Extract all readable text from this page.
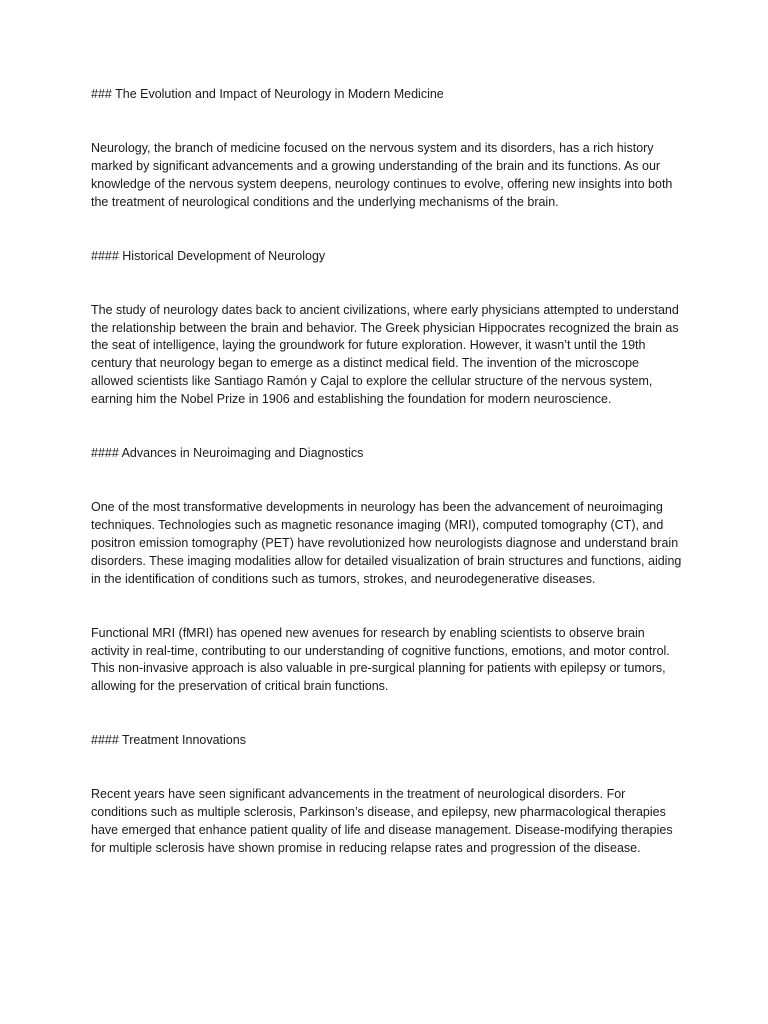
### The Evolution and Impact of Neurology in Modern Medicine

Neurology, the branch of medicine focused on the nervous system and its disorders, has a rich history marked by significant advancements and a growing understanding of the brain and its functions. As our knowledge of the nervous system deepens, neurology continues to evolve, offering new insights into both the treatment of neurological conditions and the underlying mechanisms of the brain.

#### Historical Development of Neurology

The study of neurology dates back to ancient civilizations, where early physicians attempted to understand the relationship between the brain and behavior. The Greek physician Hippocrates recognized the brain as the seat of intelligence, laying the groundwork for future exploration. However, it wasn’t until the 19th century that neurology began to emerge as a distinct medical field. The invention of the microscope allowed scientists like Santiago Ramón y Cajal to explore the cellular structure of the nervous system, earning him the Nobel Prize in 1906 and establishing the foundation for modern neuroscience.

#### Advances in Neuroimaging and Diagnostics

One of the most transformative developments in neurology has been the advancement of neuroimaging techniques. Technologies such as magnetic resonance imaging (MRI), computed tomography (CT), and positron emission tomography (PET) have revolutionized how neurologists diagnose and understand brain disorders. These imaging modalities allow for detailed visualization of brain structures and functions, aiding in the identification of conditions such as tumors, strokes, and neurodegenerative diseases.

Functional MRI (fMRI) has opened new avenues for research by enabling scientists to observe brain activity in real-time, contributing to our understanding of cognitive functions, emotions, and motor control. This non-invasive approach is also valuable in pre-surgical planning for patients with epilepsy or tumors, allowing for the preservation of critical brain functions.

#### Treatment Innovations

Recent years have seen significant advancements in the treatment of neurological disorders. For conditions such as multiple sclerosis, Parkinson’s disease, and epilepsy, new pharmacological therapies have emerged that enhance patient quality of life and disease management. Disease-modifying therapies for multiple sclerosis have shown promise in reducing relapse rates and progression of the disease.
